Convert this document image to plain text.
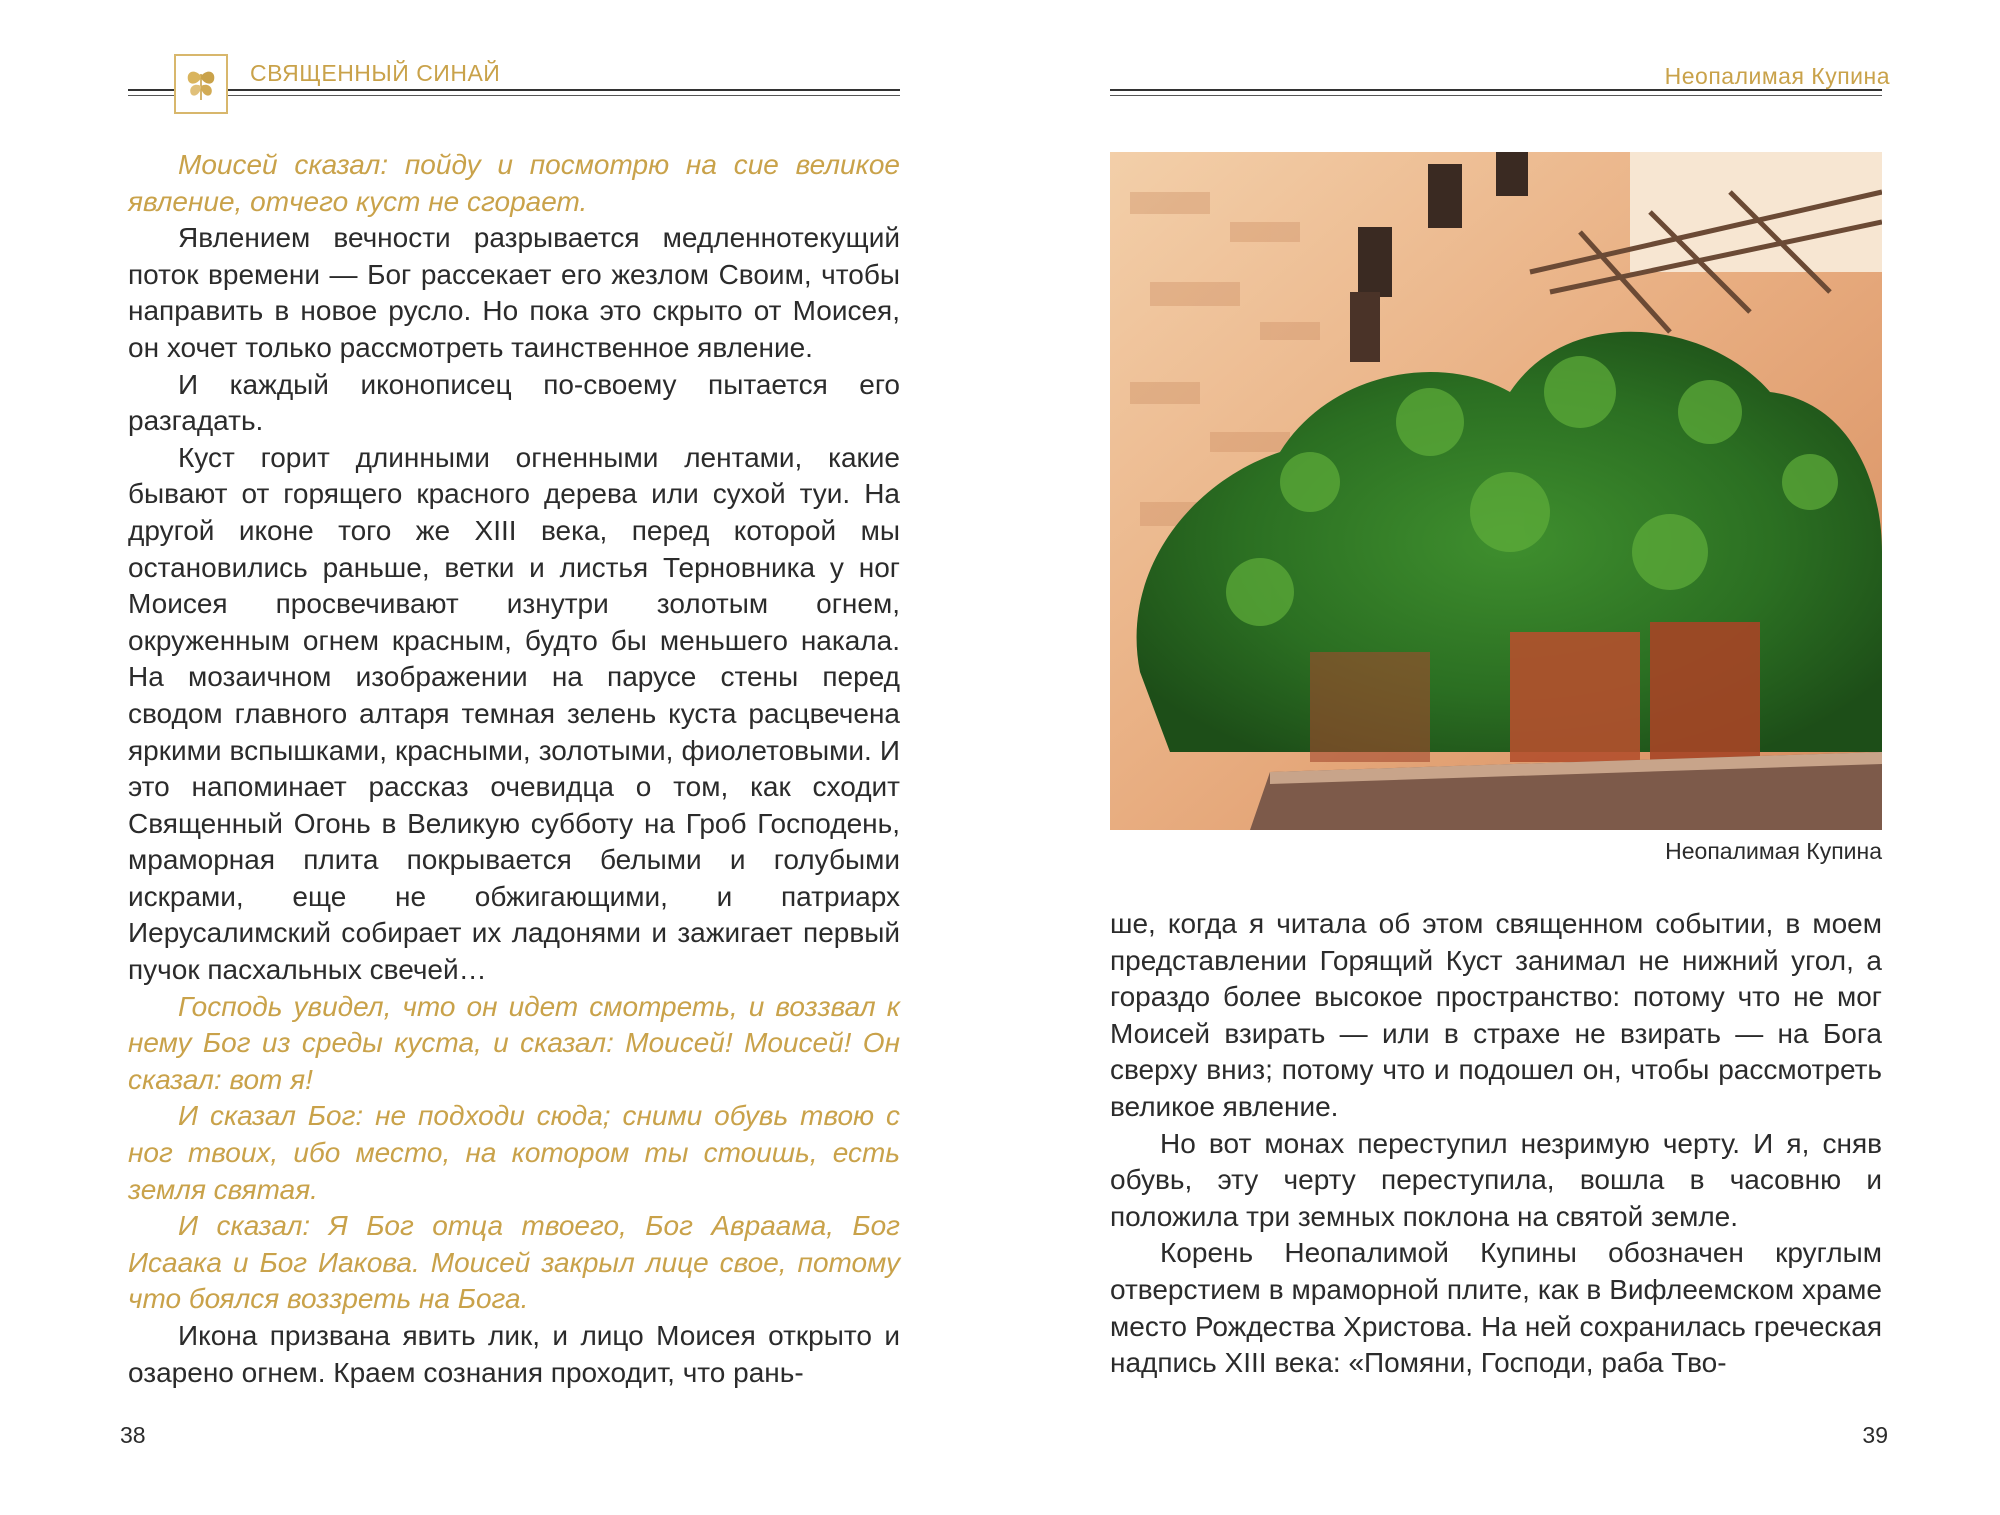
СВЯЩЕННЫЙ СИНАЙ

Моисей сказал: пойду и посмотрю на сие великое явление, отчего куст не сгорает.

Явлением вечности разрывается медленнотекущий поток времени — Бог рассекает его жезлом Своим, чтобы направить в новое русло. Но пока это скрыто от Моисея, он хочет только рассмотреть таинственное явление.

И каждый иконописец по-своему пытается его разгадать.

Куст горит длинными огненными лентами, какие бывают от горящего красного дерева или сухой туи. На другой иконе того же XIII века, перед которой мы остановились раньше, ветки и листья Терновника у ног Моисея просвечивают изнутри золотым огнем, окруженным огнем красным, будто бы меньшего накала. На мозаичном изображении на парусе стены перед сводом главного алтаря темная зелень куста расцвечена яркими вспышками, красными, золотыми, фиолетовыми. И это напоминает рассказ очевидца о том, как сходит Священный Огонь в Великую субботу на Гроб Господень, мраморная плита покрывается белыми и голубыми искрами, еще не обжигающими, и патриарх Иерусалимский собирает их ладонями и зажигает первый пучок пасхальных свечей…

Господь увидел, что он идет смотреть, и воззвал к нему Бог из среды куста, и сказал: Моисей! Моисей! Он сказал: вот я!

И сказал Бог: не подходи сюда; сними обувь твою с ног твоих, ибо место, на котором ты стоишь, есть земля святая.

И сказал: Я Бог отца твоего, Бог Авраама, Бог Исаака и Бог Иакова. Моисей закрыл лице свое, потому что боялся воззреть на Бога.

Икона призвана явить лик, и лицо Моисея открыто и озарено огнем. Краем сознания проходит, что рань-

38
Неопалимая Купина
Неопалимая Купина

ше, когда я читала об этом священном событии, в моем представлении Горящий Куст занимал не нижний угол, а гораздо более высокое пространство: потому что не мог Моисей взирать — или в страхе не взирать — на Бога сверху вниз; потому что и подошел он, чтобы рассмотреть великое явление.

Но вот монах переступил незримую черту. И я, сняв обувь, эту черту переступила, вошла в часовню и положила три земных поклона на святой земле.

Корень Неопалимой Купины обозначен круглым отверстием в мраморной плите, как в Вифлеемском храме место Рождества Христова. На ней сохранилась греческая надпись XIII века: «Помяни, Господи, раба Тво-

39
